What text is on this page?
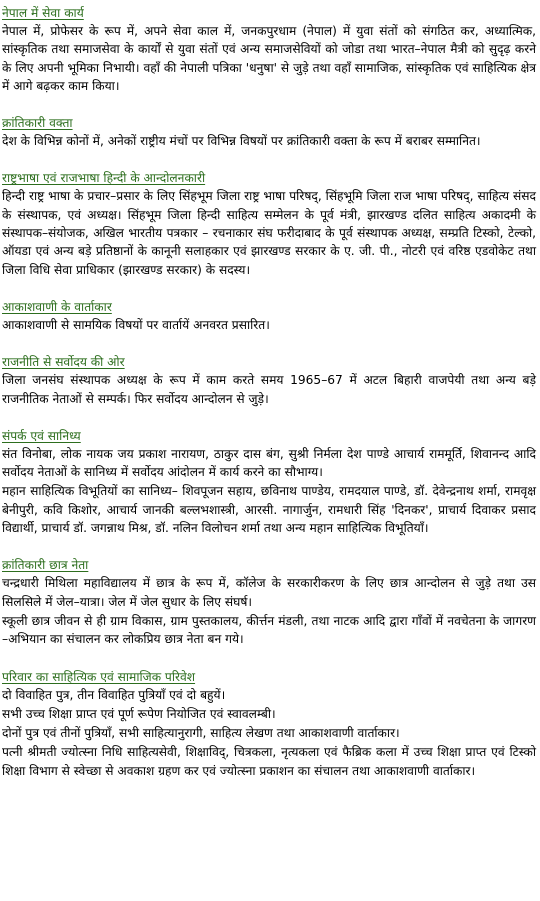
नेपाल में सेवा कार्य

नेपाल में, प्रोफेसर के रूप में, अपने सेवा काल में, जनकपुरधाम (नेपाल) में युवा संतों को संगठित कर, अध्यात्मिक, सांस्कृतिक तथा समाजसेवा के कार्यों से युवा संतों एवं अन्य समाजसेवियों को जोडा तथा भारत–नेपाल मैत्री को सुदृढ़ करने के लिए अपनी भूमिका निभायी। वहाँ की नेपाली पत्रिका 'धनुषा' से जुड़े तथा वहाँ सामाजिक, सांस्कृतिक एवं साहित्यिक क्षेत्र में आगे बढ़कर काम किया।

क्रांतिकारी वक्ता

देश के विभिन्न कोनों में, अनेकों राष्ट्रीय मंचों पर विभिन्न विषयों पर क्रांतिकारी वक्ता के रूप में बराबर सम्मानित।

राष्ट्रभाषा एवं राजभाषा हिन्दी के आन्दोलनकारी

हिन्दी राष्ट्र भाषा के प्रचार–प्रसार के लिए सिंहभूम जिला राष्ट्र भाषा परिषद्, सिंहभूमि जिला राज भाषा परिषद्, साहित्य संसद के संस्थापक, एवं अध्यक्ष। सिंहभूम जिला हिन्दी साहित्य सम्मेलन के पूर्व मंत्री, झारखण्ड दलित साहित्य अकादमी के संस्थापक–संयोजक, अखिल भारतीय पत्रकार – रचनाकार संघ फरीदाबाद के पूर्व संस्थापक अध्यक्ष, सम्प्रति टिस्को, टेल्को, ऑयडा एवं अन्य बड़े प्रतिष्ठानों के कानूनी सलाहकार एवं झारखण्ड सरकार के ए. जी. पी., नोटरी एवं वरिष्ठ एडवोकेट तथा जिला विधि सेवा प्राधिकार (झारखण्ड सरकार) के सदस्य।

आकाशवाणी के वार्ताकार

आकाशवाणी से सामयिक विषयों पर वार्तायें अनवरत प्रसारित।

राजनीति से सर्वोदय की ओर

जिला जनसंघ संस्थापक अध्यक्ष के रूप में काम करते समय 1965–67 में अटल बिहारी वाजपेयी तथा अन्य बड़े राजनीतिक नेताओं से सम्पर्क। फिर सर्वोदय आन्दोलन से जुड़े।

संपर्क एवं सानिध्य

संत विनोबा, लोक नायक जय प्रकाश नारायण, ठाकुर दास बंग, सुश्री निर्मला देश पाण्डे आचार्य राममूर्ति, शिवानन्द आदि सर्वोदय नेताओं के सानिध्य में सर्वोदय आंदोलन में कार्य करने का सौभाग्य।

महान साहित्यिक विभूतियों का सानिध्य– शिवपूजन सहाय, छविनाथ पाण्डेय, रामदयाल पाण्डे, डॉ. देवेन्द्रनाथ शर्मा, रामवृक्ष बेनीपुरी, कवि किशोर, आचार्य जानकी बल्लभशास्त्री, आरसी. नागार्जुन, रामधारी सिंह 'दिनकर', प्राचार्य दिवाकर प्रसाद विद्यार्थी, प्राचार्य डॉ. जगन्नाथ मिश्र, डॉ. नलिन विलोचन शर्मा तथा अन्य महान साहित्यिक विभूतियाँ।

क्रांतिकारी छात्र नेता

चन्द्रधारी मिथिला महाविद्यालय में छात्र के रूप में, कॉलेज के सरकारीकरण के लिए छात्र आन्दोलन से जुड़े तथा उस सिलसिले में जेल–यात्रा। जेल में जेल सुधार के लिए संघर्ष।

स्कूली छात्र जीवन से ही ग्राम विकास, ग्राम पुस्तकालय, कीर्त्तन मंडली, तथा नाटक आदि द्वारा गाँवों में नवचेतना के जागरण –अभियान का संचालन कर लोकप्रिय छात्र नेता बन गये।

परिवार का साहित्यिक एवं सामाजिक परिवेश

दो विवाहित पुत्र, तीन विवाहित पुत्रियाँ एवं दो बहुयें।

सभी उच्च शिक्षा प्राप्त एवं पूर्ण रूपेण नियोजित एवं स्वावलम्बी।

दोनों पुत्र एवं तीनों पुत्रियाँ, सभी साहित्यानुरागी, साहित्य लेखण तथा आकाशवाणी वार्ताकार।

पत्नी श्रीमती ज्योत्स्ना निधि साहित्यसेवी, शिक्षाविद्, चित्रकला, नृत्यकला एवं फैब्रिक कला में उच्च शिक्षा प्राप्त एवं टिस्को शिक्षा विभाग से स्वेच्छा से अवकाश ग्रहण कर एवं ज्योत्स्ना प्रकाशन का संचालन तथा आकाशवाणी वार्ताकार।
